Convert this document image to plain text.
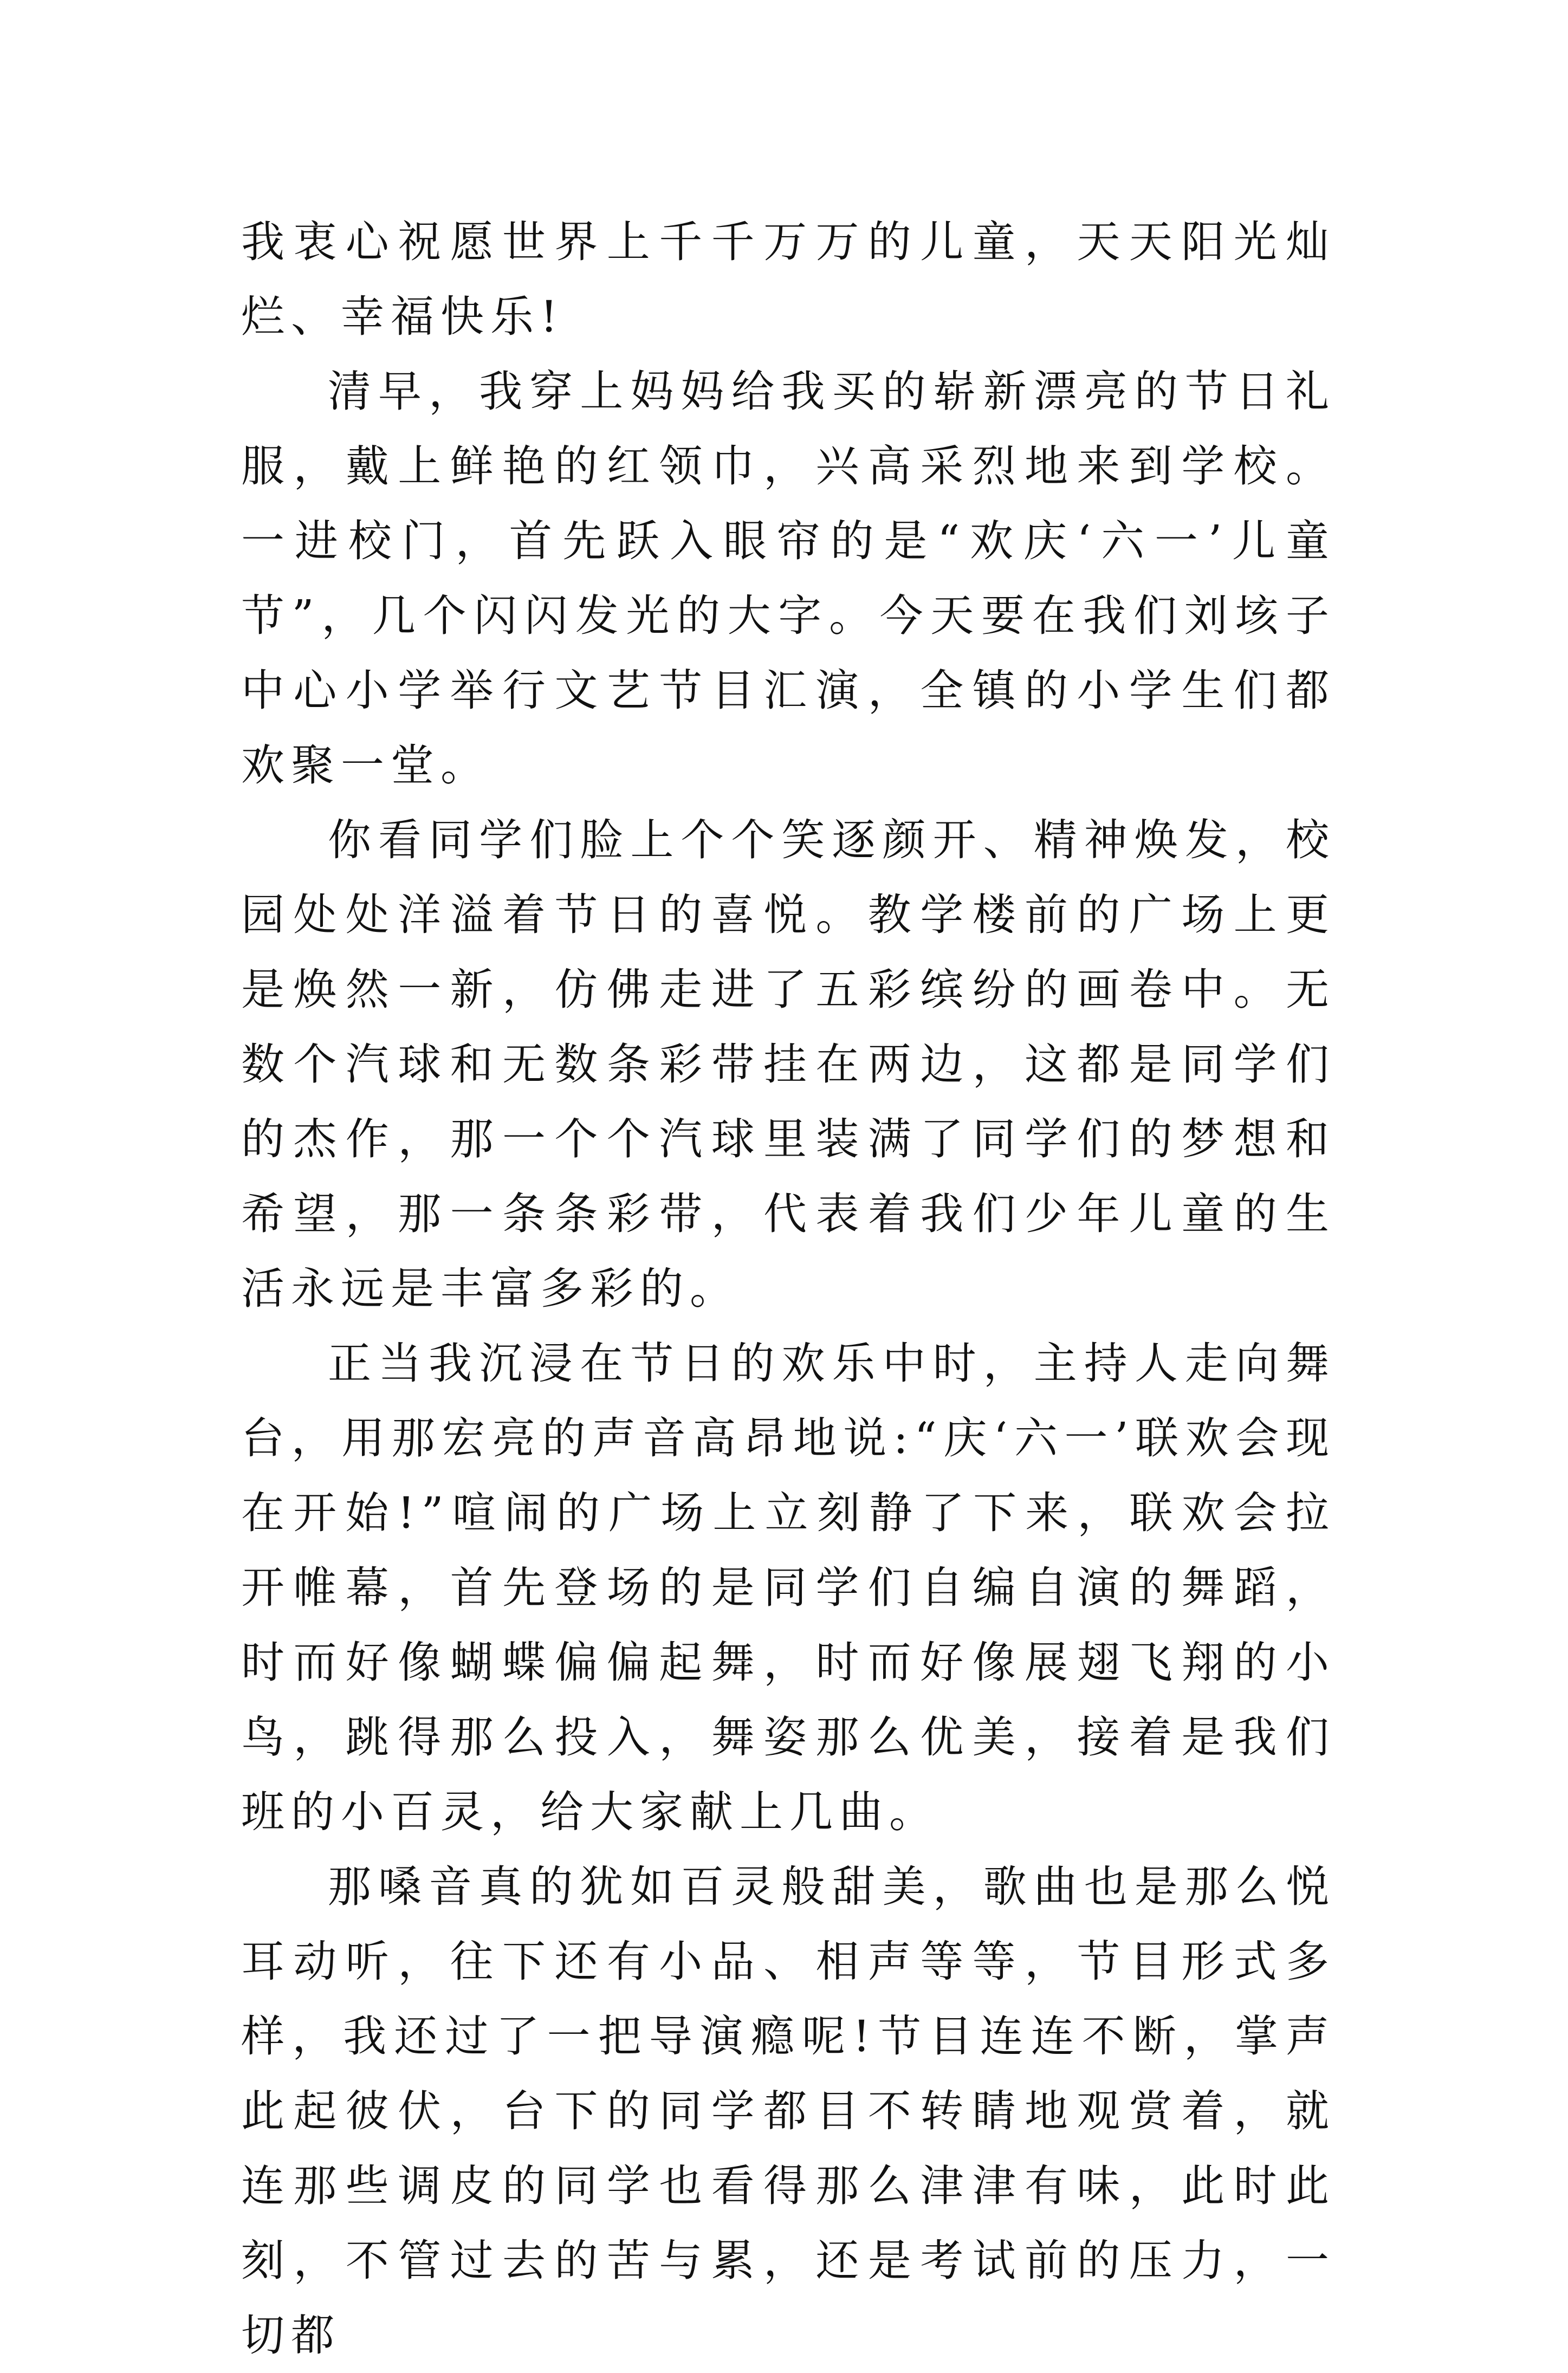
我衷心祝愿世界上千千万万的儿童，天天阳光灿烂、幸福快乐!

清早，我穿上妈妈给我买的崭新漂亮的节日礼服，戴上鲜艳的红领巾，兴高采烈地来到学校。一进校门，首先跃入眼帘的是“欢庆‘六一’儿童节”，几个闪闪发光的大字。今天要在我们刘垓子中心小学举行文艺节目汇演，全镇的小学生们都欢聚一堂。

你看同学们脸上个个笑逐颜开、精神焕发，校园处处洋溢着节日的喜悦。教学楼前的广场上更是焕然一新，仿佛走进了五彩缤纷的画卷中。无数个汽球和无数条彩带挂在两边，这都是同学们的杰作，那一个个汽球里装满了同学们的梦想和希望，那一条条彩带，代表着我们少年儿童的生活永远是丰富多彩的。

正当我沉浸在节日的欢乐中时，主持人走向舞台，用那宏亮的声音高昂地说:“庆‘六一’联欢会现在开始!”喧闹的广场上立刻静了下来，联欢会拉开帷幕，首先登场的是同学们自编自演的舞蹈，时而好像蝴蝶偏偏起舞，时而好像展翅飞翔的小鸟，跳得那么投入，舞姿那么优美，接着是我们班的小百灵，给大家献上几曲。

那嗓音真的犹如百灵般甜美，歌曲也是那么悦耳动听，往下还有小品、相声等等，节目形式多样，我还过了一把导演瘾呢!节目连连不断，掌声此起彼伏，台下的同学都目不转睛地观赏着，就连那些调皮的同学也看得那么津津有味，此时此刻，不管过去的苦与累，还是考试前的压力，一切都
